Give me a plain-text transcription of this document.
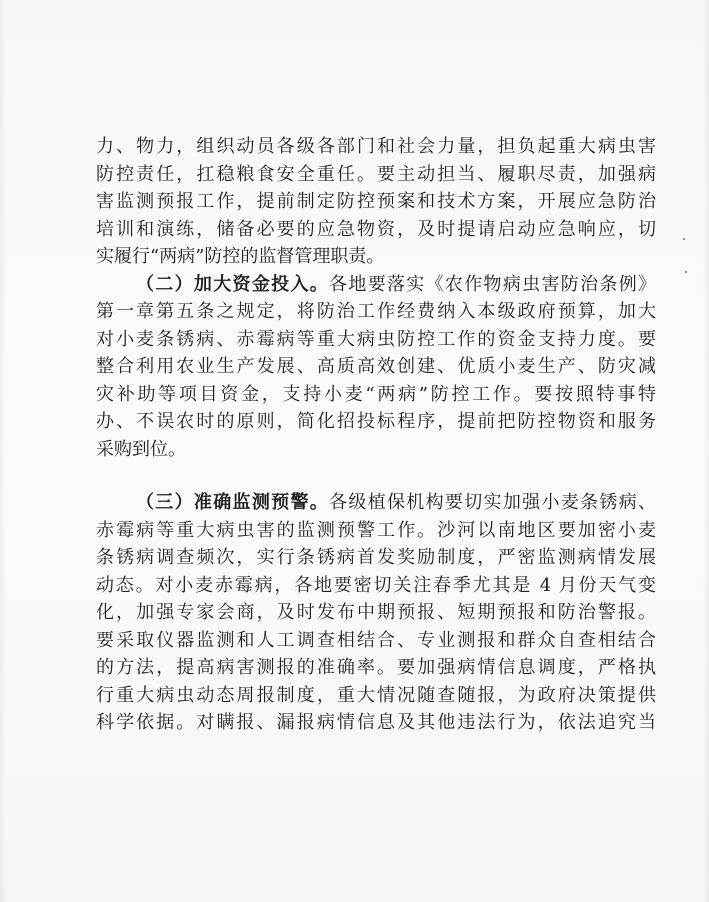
力、物力，组织动员各级各部门和社会力量，担负起重大病虫害
防控责任，扛稳粮食安全重任。要主动担当、履职尽责，加强病
害监测预报工作，提前制定防控预案和技术方案，开展应急防治
培训和演练，储备必要的应急物资，及时提请启动应急响应，切
实履行“两病”防控的监督管理职责。
（二）加大资金投入。各地要落实《农作物病虫害防治条例》
第一章第五条之规定，将防治工作经费纳入本级政府预算，加大
对小麦条锈病、赤霉病等重大病虫防控工作的资金支持力度。要
整合利用农业生产发展、高质高效创建、优质小麦生产、防灾减
灾补助等项目资金，支持小麦“两病”防控工作。要按照特事特
办、不误农时的原则，简化招投标程序，提前把防控物资和服务
采购到位。
（三）准确监测预警。各级植保机构要切实加强小麦条锈病、
赤霉病等重大病虫害的监测预警工作。沙河以南地区要加密小麦
条锈病调查频次，实行条锈病首发奖励制度，严密监测病情发展
动态。对小麦赤霉病，各地要密切关注春季尤其是 4 月份天气变
化，加强专家会商，及时发布中期预报、短期预报和防治警报。
要采取仪器监测和人工调查相结合、专业测报和群众自查相结合
的方法，提高病害测报的准确率。要加强病情信息调度，严格执
行重大病虫动态周报制度，重大情况随查随报，为政府决策提供
科学依据。对瞒报、漏报病情信息及其他违法行为，依法追究当
